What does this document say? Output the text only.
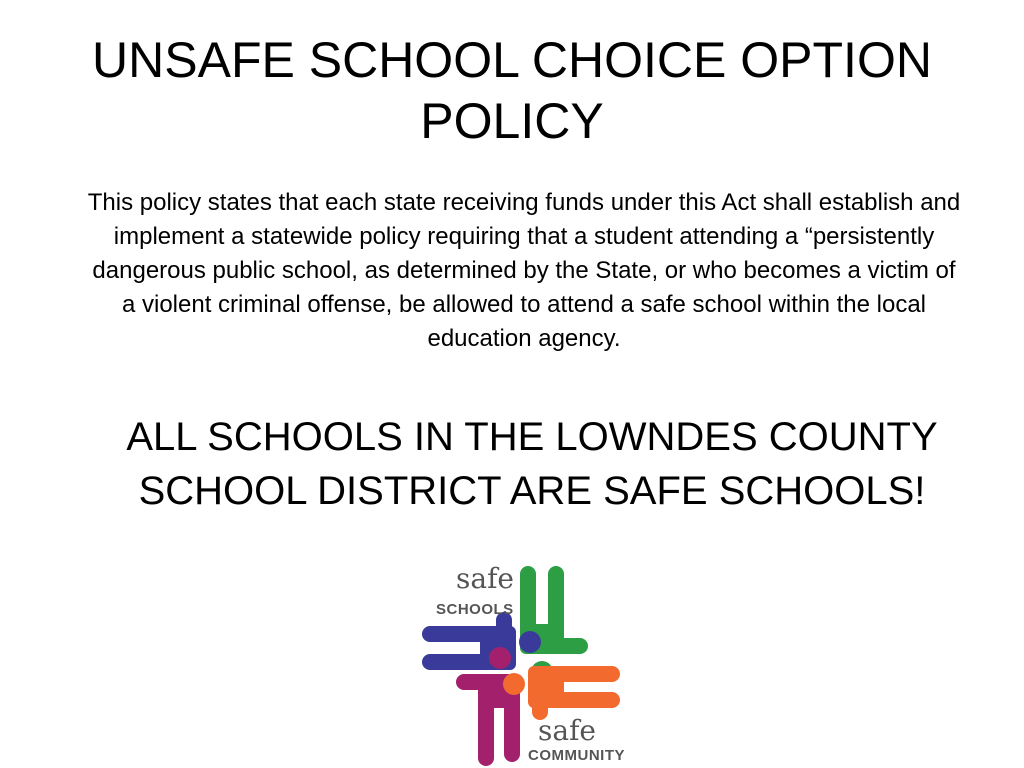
UNSAFE SCHOOL CHOICE OPTION POLICY

This policy states that each state receiving funds under this Act shall establish and implement a statewide policy requiring that a student attending a “persistently dangerous public school, as determined by the State, or who becomes a victim of a violent criminal offense, be allowed to attend a safe school within the local education agency.

ALL SCHOOLS IN THE LOWNDES COUNTY SCHOOL DISTRICT ARE SAFE SCHOOLS!

safe
SCHOOLS
safe
COMMUNITY
